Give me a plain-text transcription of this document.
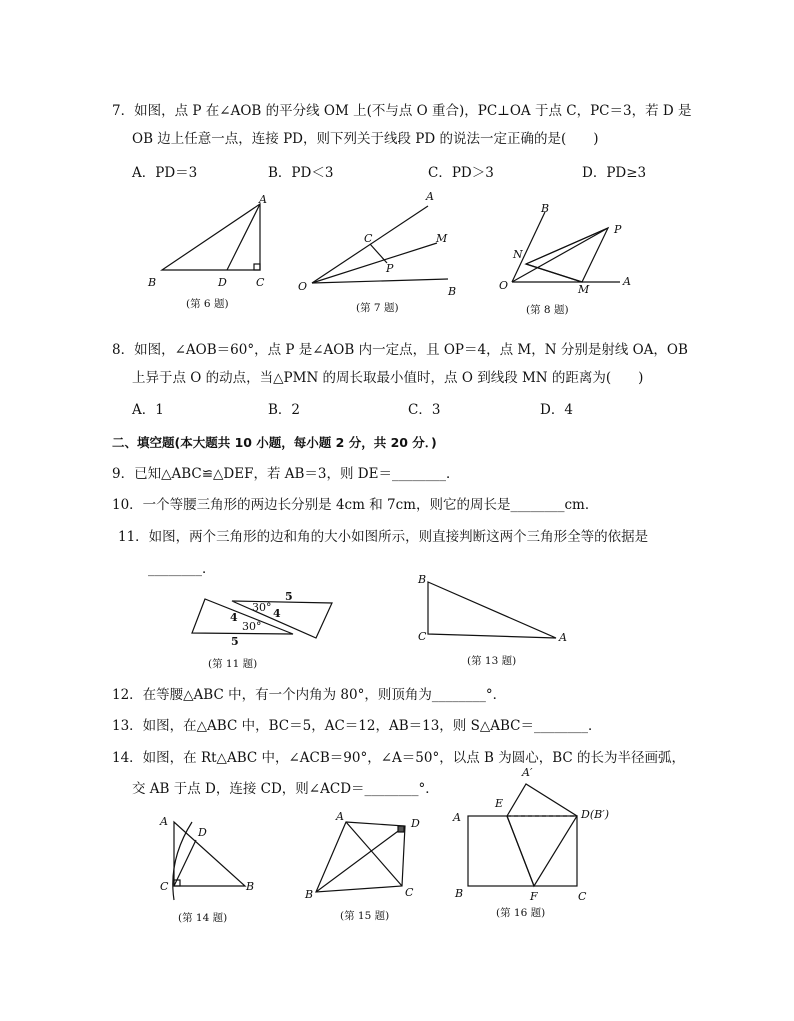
7．如图，点 P 在∠AOB 的平分线 OM 上(不与点 O 重合)，PC⊥OA 于点 C，PC＝3，若 D 是
OB 边上任意一点，连接 PD，则下列关于线段 PD 的说法一定正确的是(　　)
A．PD＝3	B．PD＜3	C．PD＞3	D．PD≥3
A
B	D	C
A
C	M
P
O	B
B
P
N
O	M
A
(第 6 题)	(第 7 题)	(第 8 题)
8．如图，∠AOB＝60°，点 P 是∠AOB 内一定点，且 OP＝4，点 M，N 分别是射线 OA，OB
上异于点 O 的动点，当△PMN 的周长取最小值时，点 O 到线段 MN 的距离为(　　)
A．1	B．2	C．3	D．4
二、填空题(本大题共 10 小题，每小题 2 分，共 20 分．)
9．已知△ABC≌△DEF，若 AB＝3，则 DE＝________．
10．一个等腰三角形的两边长分别是 4cm 和 7cm，则它的周长是________cm．
11．如图，两个三角形的边和角的大小如图所示，则直接判断这两个三角形全等的依据是
________．
5
30° 4
4
30°
5
B
C	A
(第 11 题)	(第 13 题)
12．在等腰△ABC 中，有一个内角为 80°，则顶角为________°．
13．如图，在△ABC 中，BC＝5，AC＝12，AB＝13，则 S△ABC＝________．
14．如图，在 Rt△ABC 中，∠ACB＝90°，∠A＝50°，以点 B 为圆心，BC 的长为半径画弧，
交 AB 于点 D，连接 CD，则∠ACD＝________°．
A
D
C	B
A
D
B	C
A′
E
D(B′)
A
B	F	C
(第 14 题)	(第 15 题)	(第 16 题)
